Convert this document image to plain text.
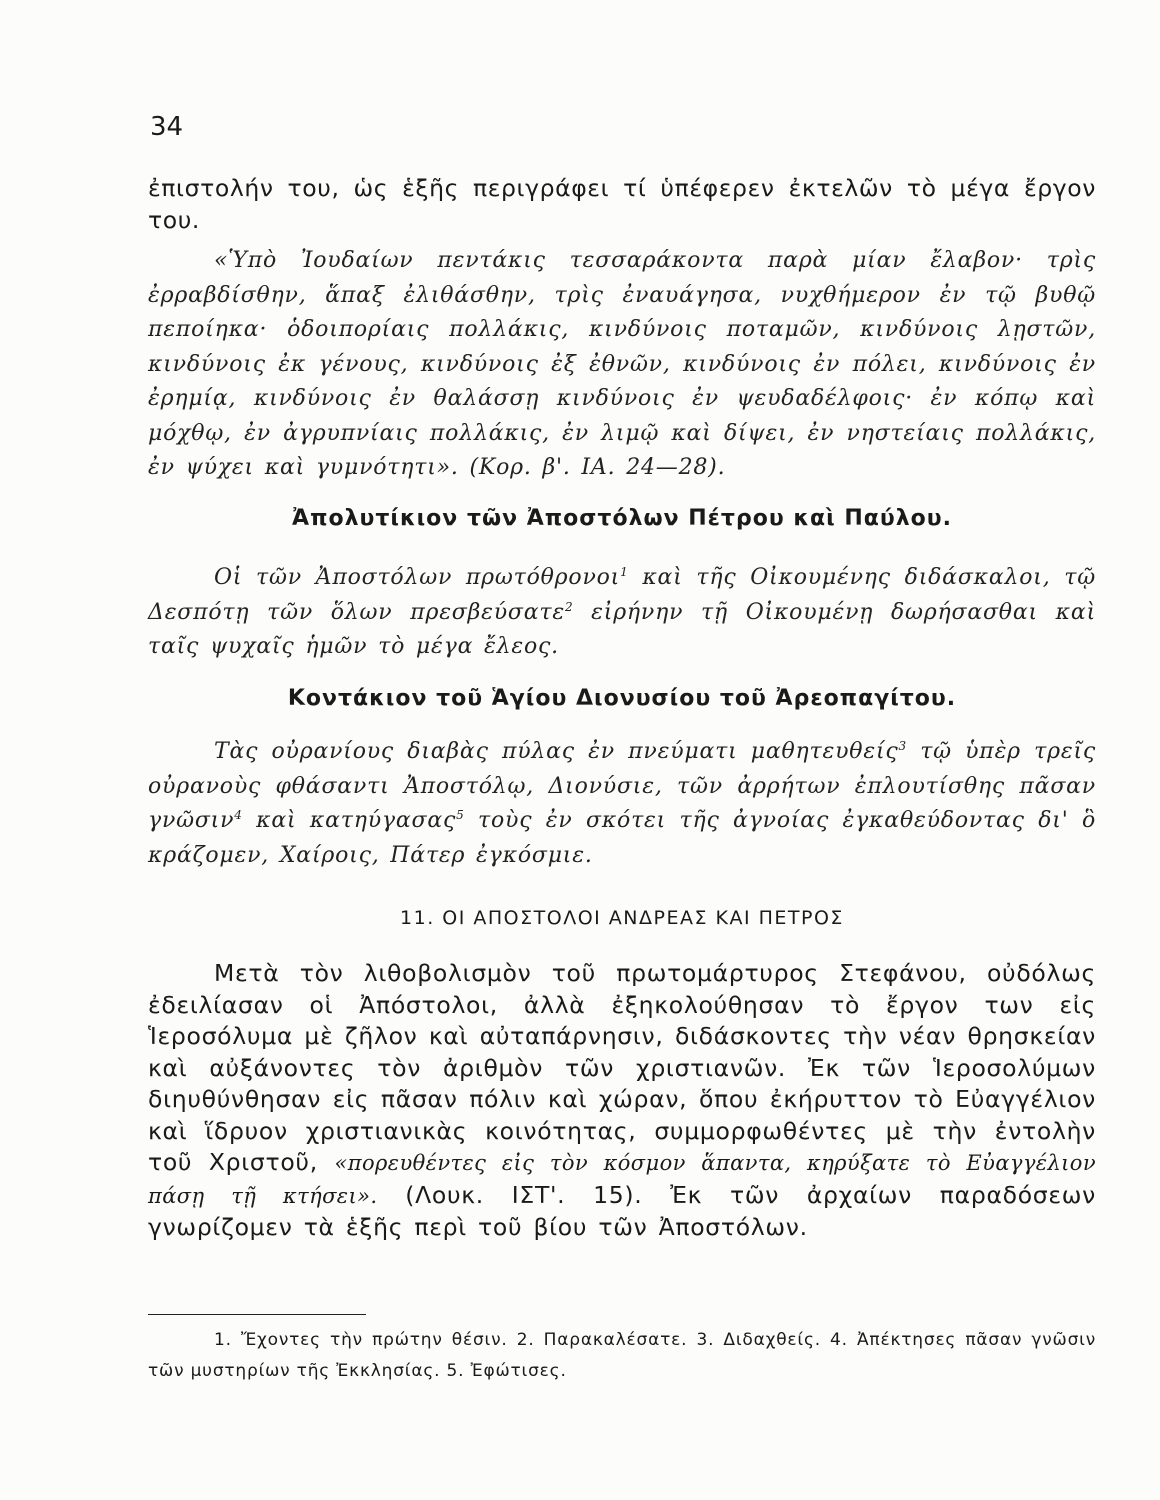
34
ἐπιστολήν του, ὡς ἑξῆς περιγράφει τί ὑπέφερεν ἐκτελῶν τὸ μέγα ἔργον του.
«Ὑπὸ Ἰουδαίων πεντάκις τεσσαράκοντα παρὰ μίαν ἔλαβον· τρὶς ἐρραβδίσθην, ἅπαξ ἐλιθάσθην, τρὶς ἐναυάγησα, νυχθήμερον ἐν τῷ βυθῷ πεποίηκα· ὁδοιπορίαις πολλάκις, κινδύνοις ποταμῶν, κινδύνοις λῃστῶν, κινδύνοις ἐκ γένους, κινδύνοις ἐξ ἐθνῶν, κινδύνοις ἐν πόλει, κινδύνοις ἐν ἐρημίᾳ, κινδύνοις ἐν θαλάσσῃ κινδύνοις ἐν ψευδαδέλφοις· ἐν κόπῳ καὶ μόχθῳ, ἐν ἀγρυπνίαις πολλάκις, ἐν λιμῷ καὶ δίψει, ἐν νηστείαις πολλάκις, ἐν ψύχει καὶ γυμνότητι». (Κορ. β'. ΙΑ. 24—28).
Ἀπολυτίκιον τῶν Ἀποστόλων Πέτρου καὶ Παύλου.
Οἱ τῶν Ἀποστόλων πρωτόθρονοι$^1$ καὶ τῆς Οἰκουμένης διδάσκαλοι, τῷ Δεσπότῃ τῶν ὅλων πρεσβεύσατε$^2$ εἰρήνην τῇ Οἰκουμένῃ δωρήσασθαι καὶ ταῖς ψυχαῖς ἡμῶν τὸ μέγα ἔλεος.
Κοντάκιον τοῦ Ἁγίου Διονυσίου τοῦ Ἀρεοπαγίτου.
Τὰς οὐρανίους διαβὰς πύλας ἐν πνεύματι μαθητευθείς$^3$ τῷ ὑπὲρ τρεῖς οὐρανοὺς φθάσαντι Ἀποστόλῳ, Διονύσιε, τῶν ἀρρήτων ἐπλουτίσθης πᾶσαν γνῶσιν$^4$ καὶ κατηύγασας$^5$ τοὺς ἐν σκότει τῆς ἀγνοίας ἐγκαθεύδοντας δι' ὃ κράζομεν, Χαίροις, Πάτερ ἐγκόσμιε.
11. ΟΙ ΑΠΟΣΤΟΛΟΙ ΑΝΔΡΕΑΣ ΚΑΙ ΠΕΤΡΟΣ
Μετὰ τὸν λιθοβολισμὸν τοῦ πρωτομάρτυρος Στεφάνου, οὐδόλως ἐδειλίασαν οἱ Ἀπόστολοι, ἀλλὰ ἐξηκολούθησαν τὸ ἔργον των εἰς Ἱεροσόλυμα μὲ ζῆλον καὶ αὐταπάρνησιν, διδάσκοντες τὴν νέαν θρησκείαν καὶ αὐξάνοντες τὸν ἀριθμὸν τῶν χριστιανῶν. Ἐκ τῶν Ἱεροσολύμων διηυθύνθησαν εἰς πᾶσαν πόλιν καὶ χώραν, ὅπου ἐκήρυττον τὸ Εὐαγγέλιον καὶ ἵδρυον χριστιανικὰς κοινότητας, συμμορφωθέντες μὲ τὴν ἐντολὴν τοῦ Χριστοῦ, «πορευθέντες εἰς τὸν κόσμον ἅπαντα, κηρύξατε τὸ Εὐαγγέλιον πάσῃ τῇ κτήσει». (Λουκ. ΙΣΤ'. 15). Ἐκ τῶν ἀρχαίων παραδόσεων γνωρίζομεν τὰ ἑξῆς περὶ τοῦ βίου τῶν Ἀποστόλων.
1. Ἔχοντες τὴν πρώτην θέσιν. 2. Παρακαλέσατε. 3. Διδαχθείς. 4. Ἀπέκτησες πᾶσαν γνῶσιν τῶν μυστηρίων τῆς Ἐκκλησίας. 5. Ἐφώτισες.
